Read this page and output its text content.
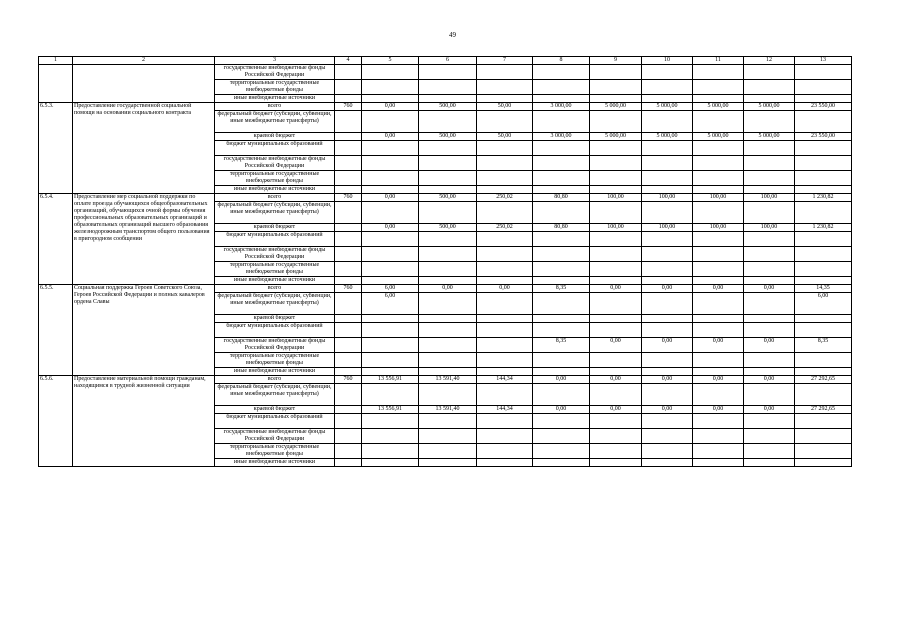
49
1	2	3	4	5	6	7	8	9	10	11	12	13
		государственные внебюджетные фонды Российской Федерации										
		территориальные государственные внебюджетные фонды										
		иные внебюджетные источники										
6.5.3.	Предоставление государственной социальной помощи на основании социального контракта	всего	760	0,00	500,00	50,00	3 000,00	5 000,00	5 000,00	5 000,00	5 000,00	23 550,00
		федеральный бюджет (субсидии, субвенции, иные межбюджетные трансферты)										
		краевой бюджет		0,00	500,00	50,00	3 000,00	5 000,00	5 000,00	5 000,00	5 000,00	23 550,00
		бюджет муниципальных образований										
		государственные внебюджетные фонды Российской Федерации										
		территориальные государственные внебюджетные фонды										
		иные внебюджетные источники										
6.5.4.	Предоставление мер социальной поддержки по оплате проезда обучающихся общеобразовательных организаций, обучающихся очной формы обучения профессиональных образовательных организаций и образовательных организаций высшего образования железнодорожным транспортом общего пользования в пригородном сообщении	всего	760	0,00	500,00	250,02	80,80	100,00	100,00	100,00	100,00	1 230,82
		федеральный бюджет (субсидии, субвенции, иные межбюджетные трансферты)										
		краевой бюджет		0,00	500,00	250,02	80,80	100,00	100,00	100,00	100,00	1 230,82
		бюджет муниципальных образований										
		государственные внебюджетные фонды Российской Федерации										
		территориальные государственные внебюджетные фонды										
		иные внебюджетные источники										
6.5.5.	Социальная поддержка Героев Советского Союза, Героев Российской Федерации и полных кавалеров ордена Славы	всего	760	6,00	0,00	0,00	8,35	0,00	0,00	0,00	0,00	14,35
		федеральный бюджет (субсидии, субвенции, иные межбюджетные трансферты)		6,00								6,00
		краевой бюджет										
		бюджет муниципальных образований										
		государственные внебюджетные фонды Российской Федерации					8,35	0,00	0,00	0,00	0,00	8,35
		территориальные государственные внебюджетные фонды										
		иные внебюджетные источники										
6.5.6.	Предоставление материальной помощи гражданам, находящимся в трудной жизненной ситуации	всего	760	13 556,91	13 591,40	144,34	0,00	0,00	0,00	0,00	0,00	27 292,65
		федеральный бюджет (субсидии, субвенции, иные межбюджетные трансферты)										
		краевой бюджет		13 556,91	13 591,40	144,34	0,00	0,00	0,00	0,00	0,00	27 292,65
		бюджет муниципальных образований										
		государственные внебюджетные фонды Российской Федерации										
		территориальные государственные внебюджетные фонды										
		иные внебюджетные источники										
